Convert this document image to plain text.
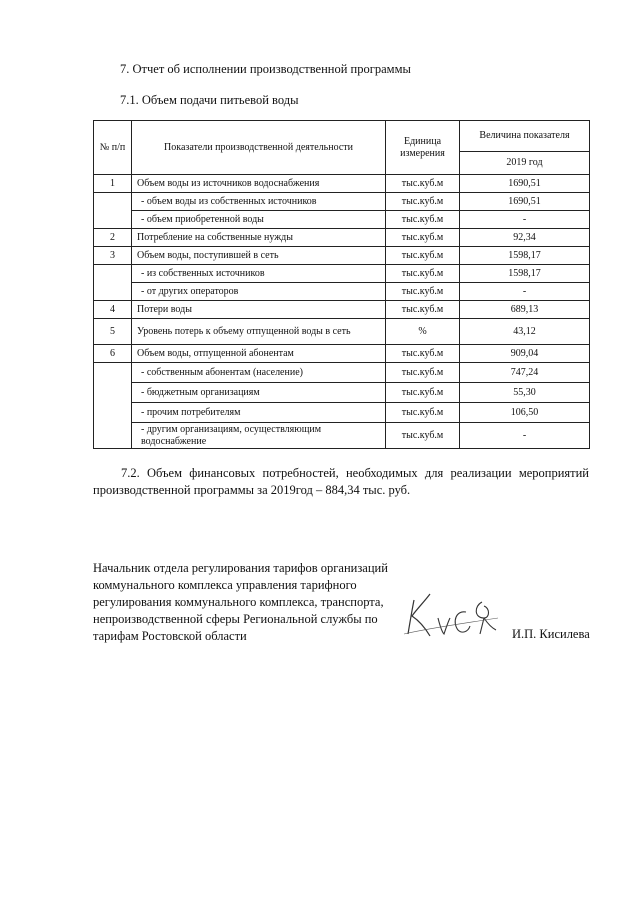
7. Отчет об исполнении производственной программы
7.1. Объем подачи питьевой воды
№ п/п	Показатели производственной деятельности	Единица измерения	Величина показателя
			2019 год
1	Объем воды из источников водоснабжения	тыс.куб.м	1690,51
	- объем воды из собственных источников	тыс.куб.м	1690,51
	- объем приобретенной воды	тыс.куб.м	-
2	Потребление на собственные нужды	тыс.куб.м	92,34
3	Объем воды, поступившей в сеть	тыс.куб.м	1598,17
	- из собственных источников	тыс.куб.м	1598,17
	- от других операторов	тыс.куб.м	-
4	Потери воды	тыс.куб.м	689,13
5	Уровень потерь к объему отпущенной воды в сеть	%	43,12
6	Объем воды, отпущенной абонентам	тыс.куб.м	909,04
	- собственным абонентам (население)	тыс.куб.м	747,24
	- бюджетным организациям	тыс.куб.м	55,30
	- прочим потребителям	тыс.куб.м	106,50
	- другим организациям, осуществляющим водоснабжение	тыс.куб.м	-
7.2. Объем финансовых потребностей, необходимых для реализации мероприятий производственной программы за 2019год – 884,34 тыс. руб.
Начальник отдела регулирования тарифов организаций
коммунального комплекса управления тарифного
регулирования коммунального комплекса, транспорта,
непроизводственной сферы Региональной службы по
тарифам Ростовской области	И.П. Кисилева
